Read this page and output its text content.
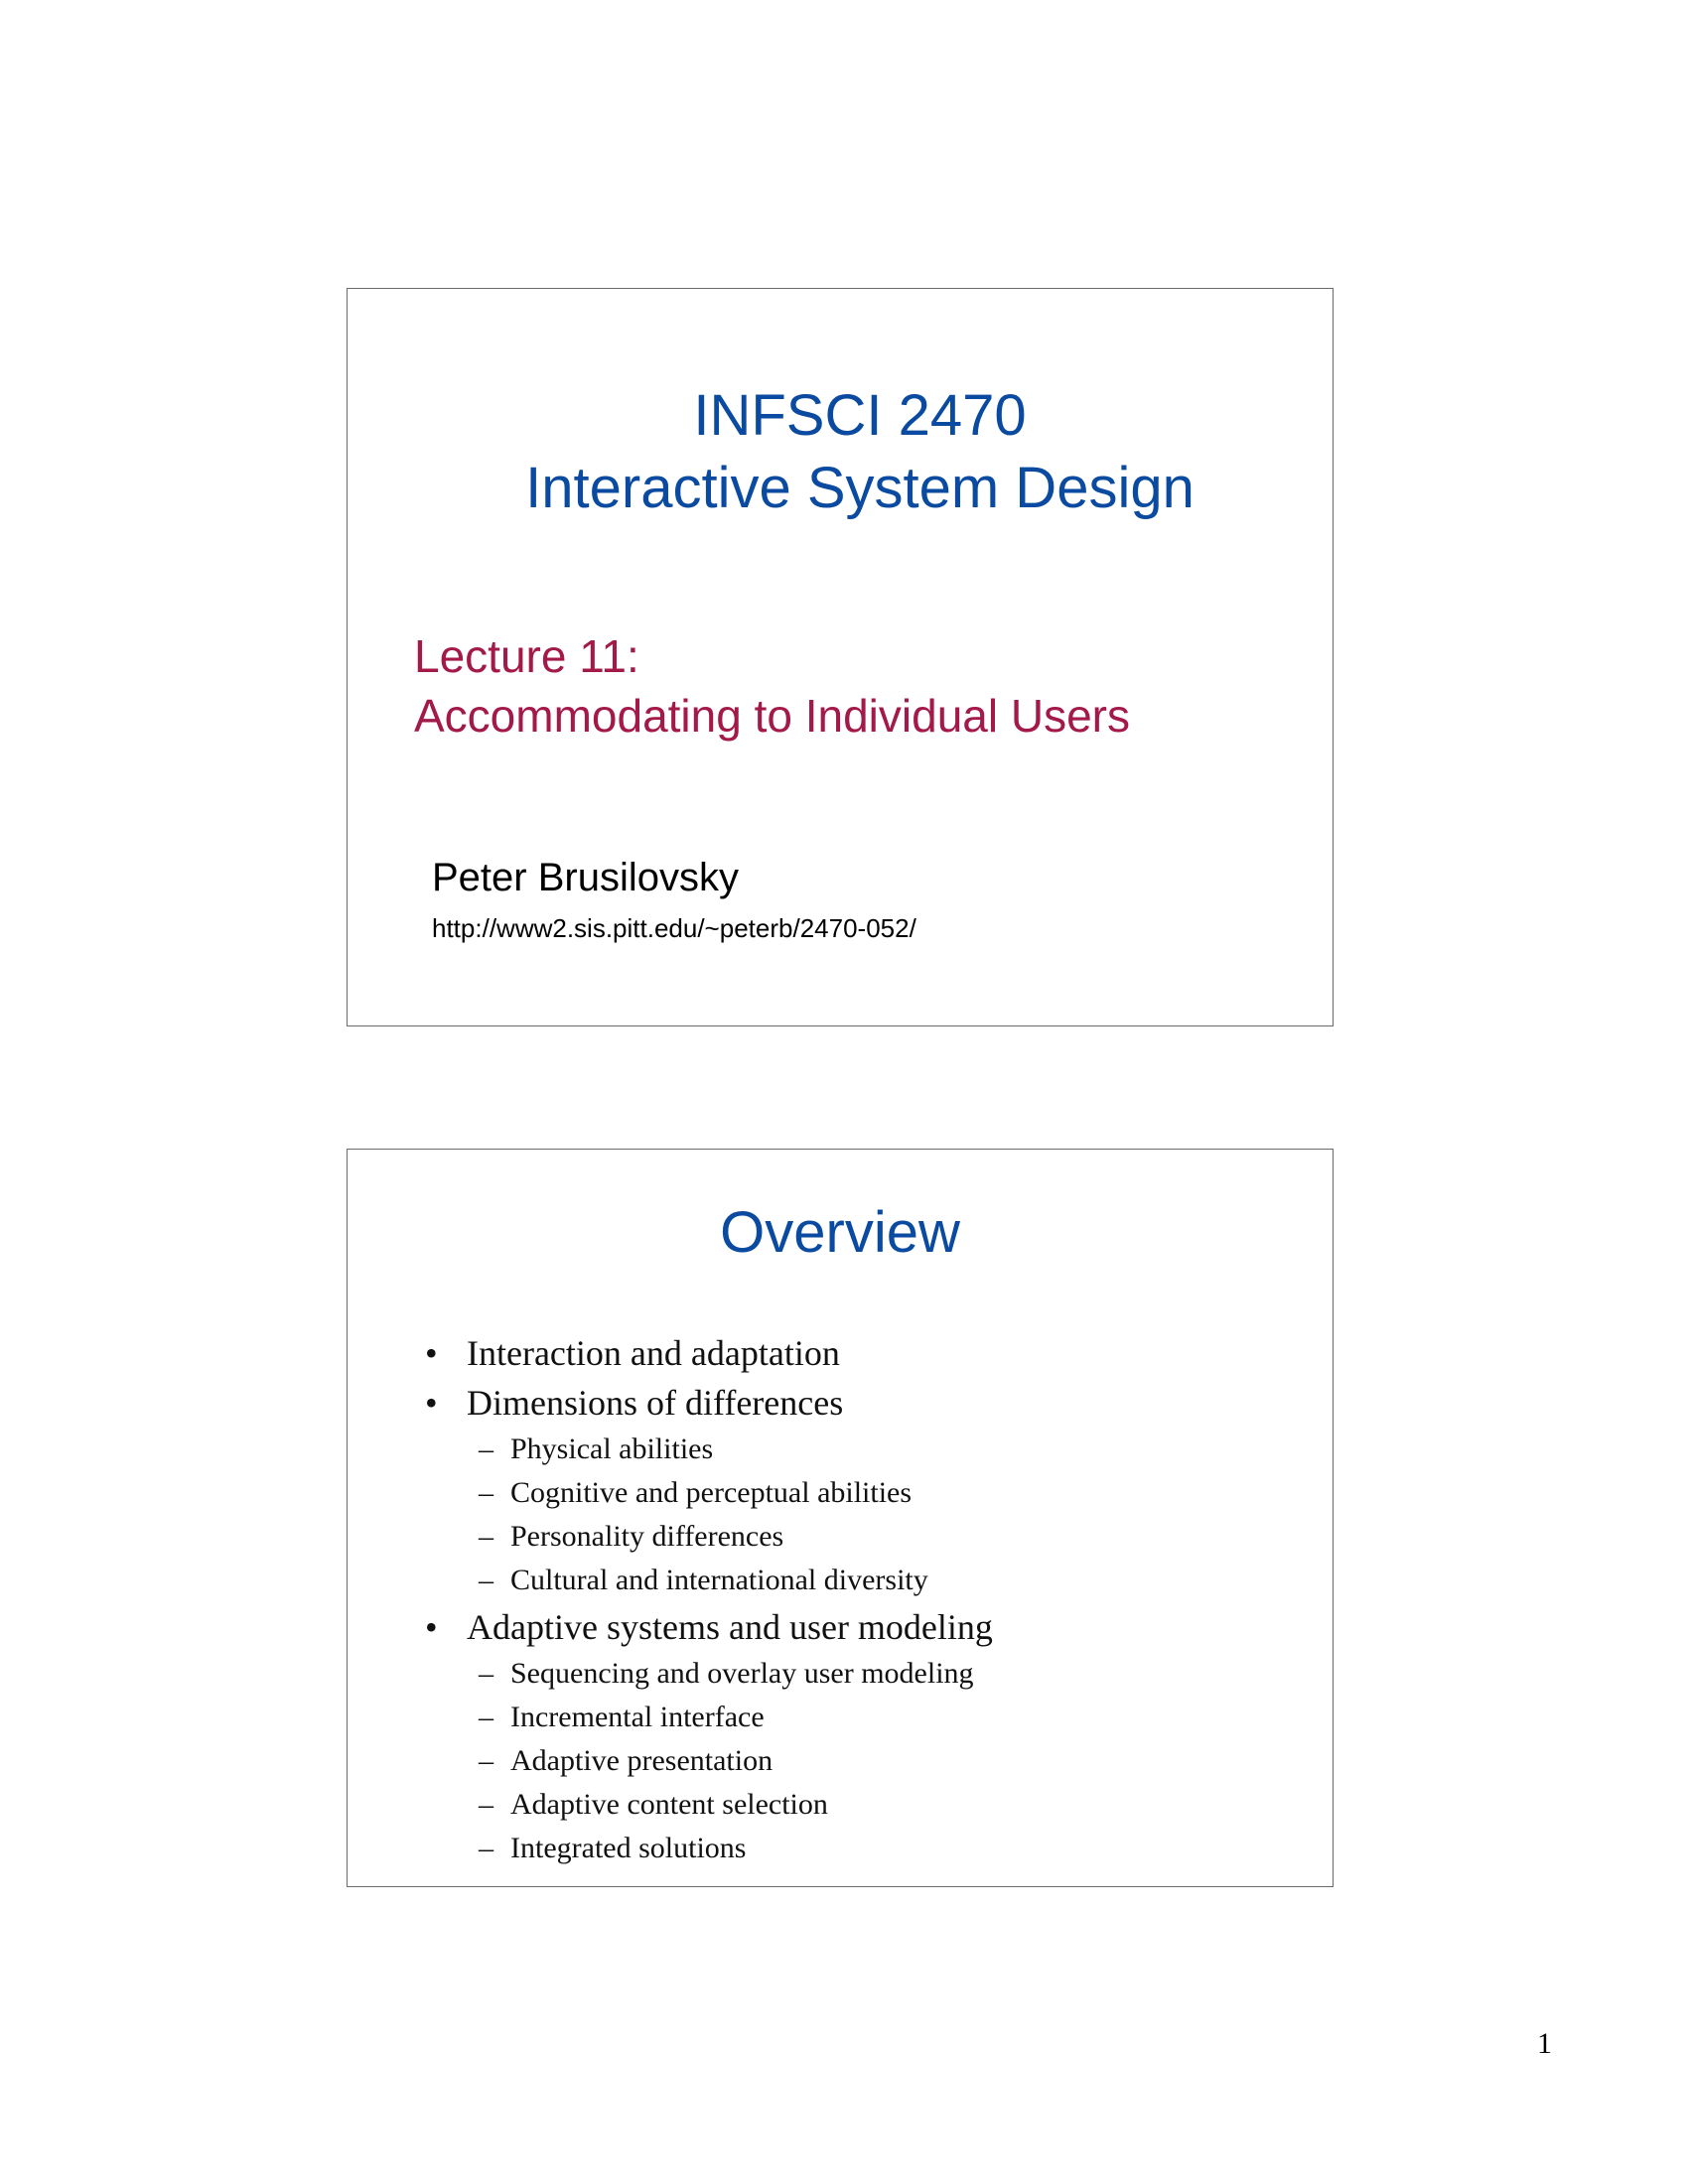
INFSCI 2470
Interactive System Design
Lecture 11:
Accommodating to Individual Users
Peter Brusilovsky
http://www2.sis.pitt.edu/~peterb/2470-052/
Overview
• Interaction and adaptation
• Dimensions of differences
– Physical abilities
– Cognitive and perceptual abilities
– Personality differences
– Cultural and international diversity
• Adaptive systems and user modeling
– Sequencing and overlay user modeling
– Incremental interface
– Adaptive presentation
– Adaptive content selection
– Integrated solutions
1
